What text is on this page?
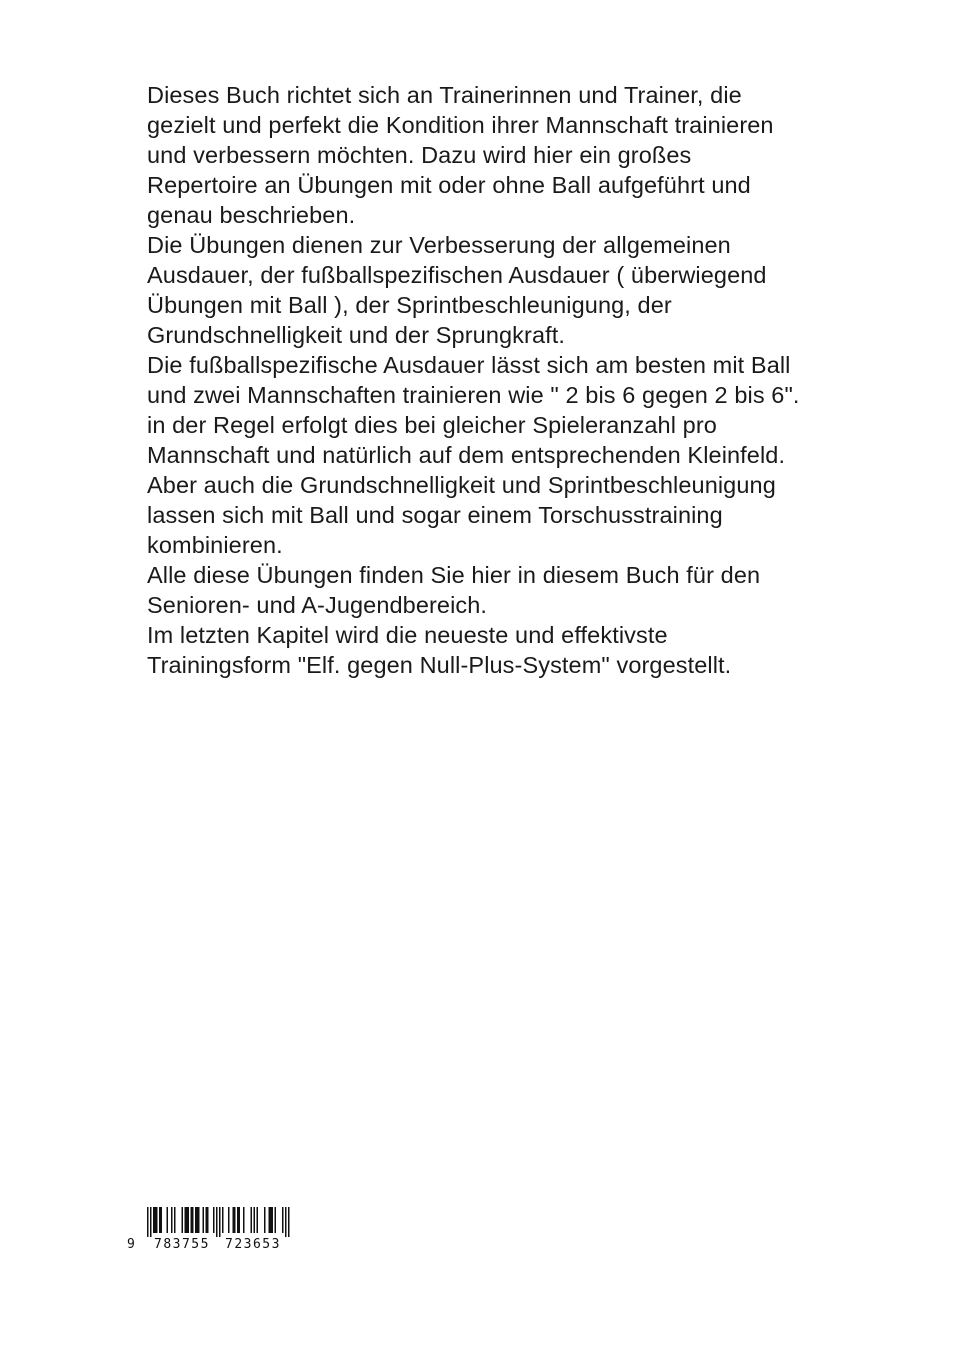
Dieses Buch richtet sich an Trainerinnen und Trainer, die

gezielt und perfekt die Kondition ihrer Mannschaft trainieren

und verbessern möchten. Dazu wird hier ein großes

Repertoire an Übungen mit oder ohne Ball aufgeführt und

genau beschrieben.

Die Übungen dienen zur Verbesserung der allgemeinen

Ausdauer, der fußballspezifischen Ausdauer ( überwiegend

Übungen mit Ball ), der Sprintbeschleunigung, der

Grundschnelligkeit und der Sprungkraft.

Die fußballspezifische Ausdauer lässt sich am besten mit Ball

und zwei Mannschaften trainieren wie " 2 bis 6 gegen 2 bis 6".

in der Regel erfolgt dies bei gleicher Spieleranzahl pro

Mannschaft und natürlich auf dem entsprechenden Kleinfeld.

Aber auch die Grundschnelligkeit und Sprintbeschleunigung

lassen sich mit Ball und sogar einem Torschusstraining

kombinieren.

Alle diese Übungen finden Sie hier in diesem Buch für den

Senioren- und A-Jugendbereich.

Im letzten Kapitel wird die neueste und effektivste

Trainingsform "Elf. gegen Null-Plus-System" vorgestellt.

9 783755 723653
